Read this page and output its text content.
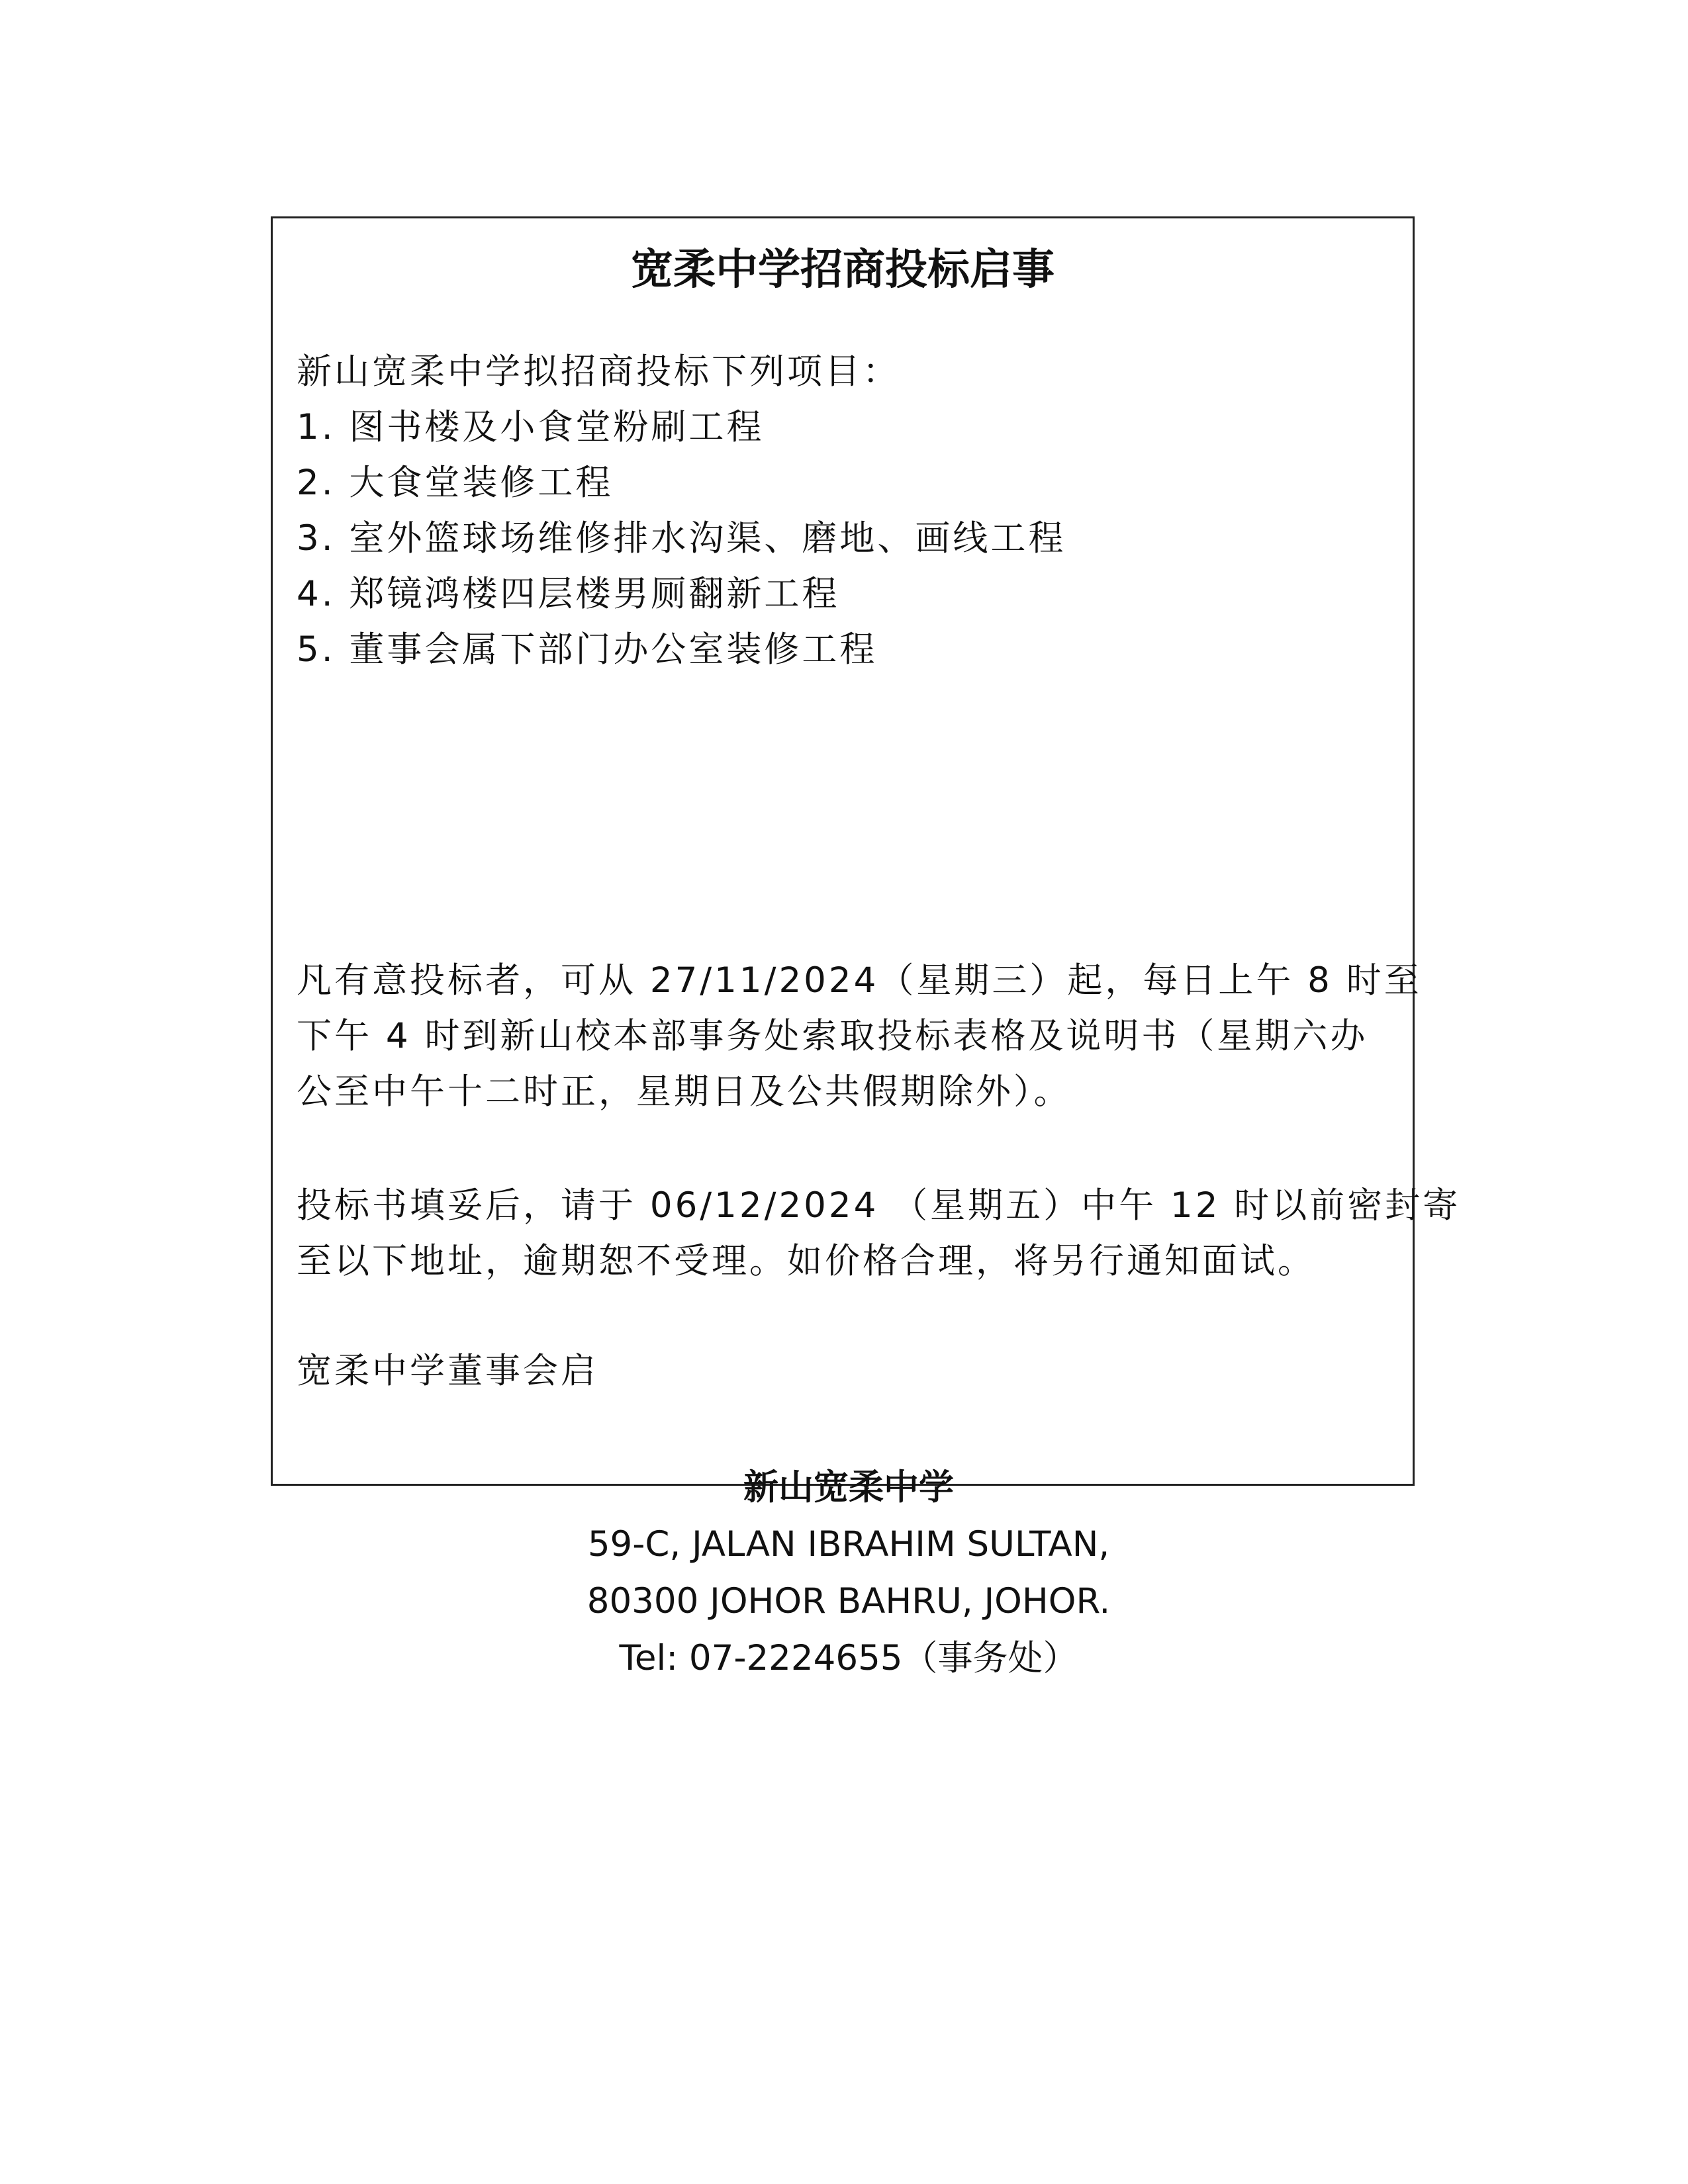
宽柔中学招商投标启事
新山宽柔中学拟招商投标下列项目：
1. 图书楼及小食堂粉刷工程
2. 大食堂装修工程
3. 室外篮球场维修排水沟渠、磨地、画线工程
4. 郑镜鸿楼四层楼男厕翻新工程
5. 董事会属下部门办公室装修工程
凡有意投标者，可从 27/11/2024（星期三）起，每日上午 8 时至
下午 4 时到新山校本部事务处索取投标表格及说明书（星期六办
公至中午十二时正，星期日及公共假期除外）。
投标书填妥后，请于 06/12/2024 （星期五）中午 12 时以前密封寄
至以下地址，逾期恕不受理。如价格合理，将另行通知面试。
宽柔中学董事会启
新山宽柔中学
59-C, JALAN IBRAHIM SULTAN,
80300 JOHOR BAHRU, JOHOR.
Tel: 07-2224655（事务处）
